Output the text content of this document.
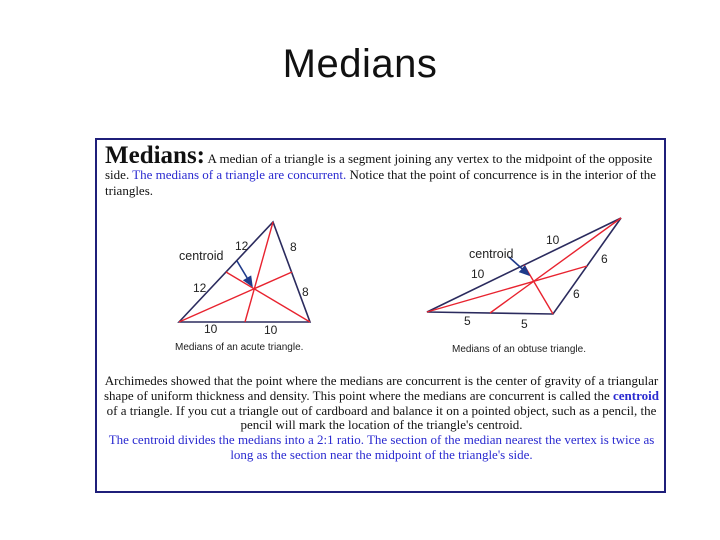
Medians
Medians: A median of a triangle is a segment joining any vertex to the midpoint of the opposite side. The medians of a triangle are concurrent. Notice that the point of concurrence is in the interior of the triangles.
centroid
12
12
8
8
10	10
Medians of an acute triangle.
centroid
10
10
6
6
5	5
Medians of an obtuse triangle.
Archimedes showed that the point where the medians are concurrent is the center of gravity of a triangular shape of uniform thickness and density. This point where the medians are concurrent is called the centroid of a triangle. If you cut a triangle out of cardboard and balance it on a pointed object, such as a pencil, the pencil will mark the location of the triangle's centroid.
The centroid divides the medians into a 2:1 ratio. The section of the median nearest the vertex is twice as long as the section near the midpoint of the triangle's side.
